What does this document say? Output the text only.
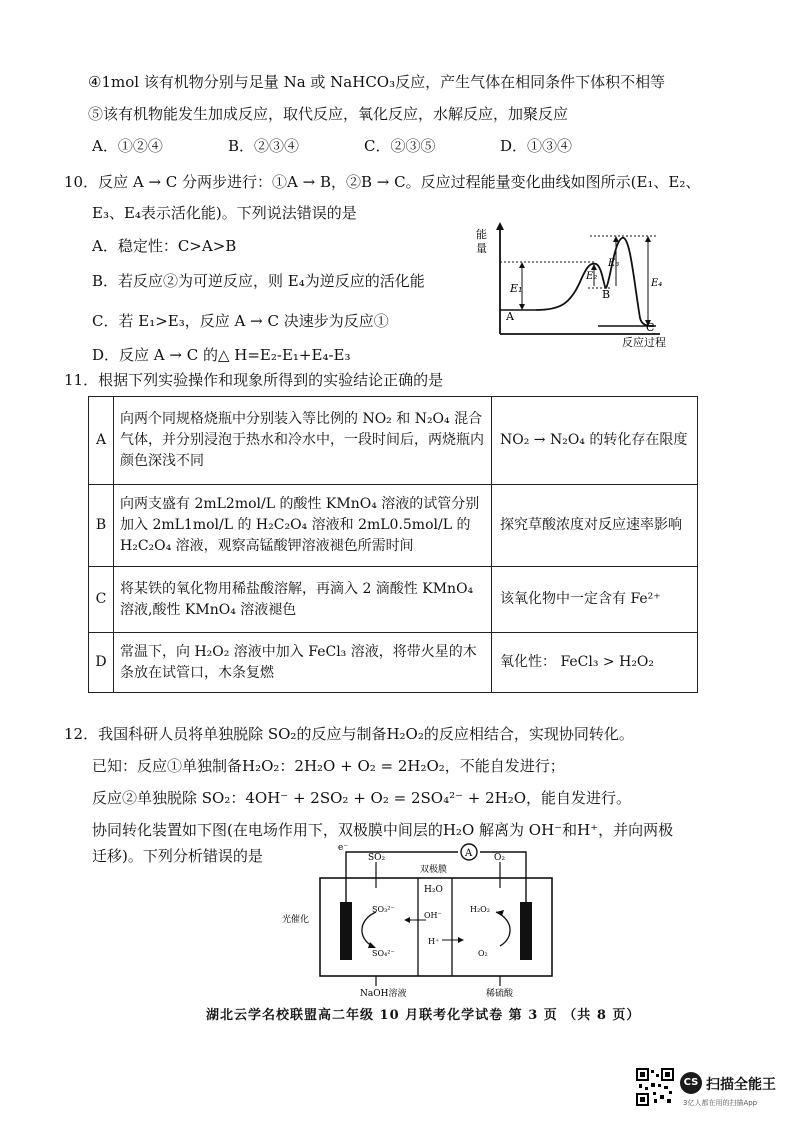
④1mol 该有机物分别与足量 Na 或 NaHCO₃反应，产生气体在相同条件下体积不相等
⑤该有机物能发生加成反应，取代反应，氧化反应，水解反应，加聚反应
A．①②④	B．②③④	C．②③⑤	D．①③④
10．反应 A → C 分两步进行：①A → B，②B → C。反应过程能量变化曲线如图所示(E₁、E₂、
E₃、E₄表示活化能)。下列说法错误的是
A．稳定性：C>A>B
B．若反应②为可逆反应，则 E₄为逆反应的活化能
C．若 E₁>E₃，反应 A → C 决速步为反应①
D．反应 A → C 的△ H=E₂-E₁+E₄-E₃
能
量
A
E₁
E₂
B
E₃
E₄
C
反应过程
11．根据下列实验操作和现象所得到的实验结论正确的是
A	向两个同规格烧瓶中分别装入等比例的 NO₂ 和 N₂O₄ 混合气体，并分别浸泡于热水和冷水中，一段时间后，两烧瓶内颜色深浅不同	NO₂ → N₂O₄ 的转化存在限度
B	向两支盛有 2mL2mol/L 的酸性 KMnO₄ 溶液的试管分别加入 2mL1mol/L 的 H₂C₂O₄ 溶液和 2mL0.5mol/L 的 H₂C₂O₄ 溶液，观察高锰酸钾溶液褪色所需时间	探究草酸浓度对反应速率影响
C	将某铁的氧化物用稀盐酸溶解，再滴入 2 滴酸性 KMnO₄ 溶液,酸性 KMnO₄ 溶液褪色	该氧化物中一定含有 Fe²⁺
D	常温下，向 H₂O₂ 溶液中加入 FeCl₃ 溶液，将带火星的木条放在试管口，木条复燃	氧化性： FeCl₃ > H₂O₂
12．我国科研人员将单独脱除 SO₂的反应与制备H₂O₂的反应相结合，实现协同转化。
已知：反应①单独制备H₂O₂：2H₂O + O₂ = 2H₂O₂，不能自发进行；
反应②单独脱除 SO₂：4OH⁻ + 2SO₂ + O₂ = 2SO₄²⁻ + 2H₂O，能自发进行。
协同转化装置如下图(在电场作用下，双极膜中间层的H₂O 解离为 OH⁻和H⁺，并向两极
迁移)。下列分析错误的是	A
e⁻
SO₂
双极膜
O₂
H₂O
SO₃²⁻
SO₄²⁻
OH⁻
H⁺
H₂O₂
O₂
光催化
NaOH溶液	稀硫酸
湖北云学名校联盟高二年级 10 月联考化学试卷 第 3 页 （共 8 页）
CS 扫描全能王
3亿人都在用的扫描App
